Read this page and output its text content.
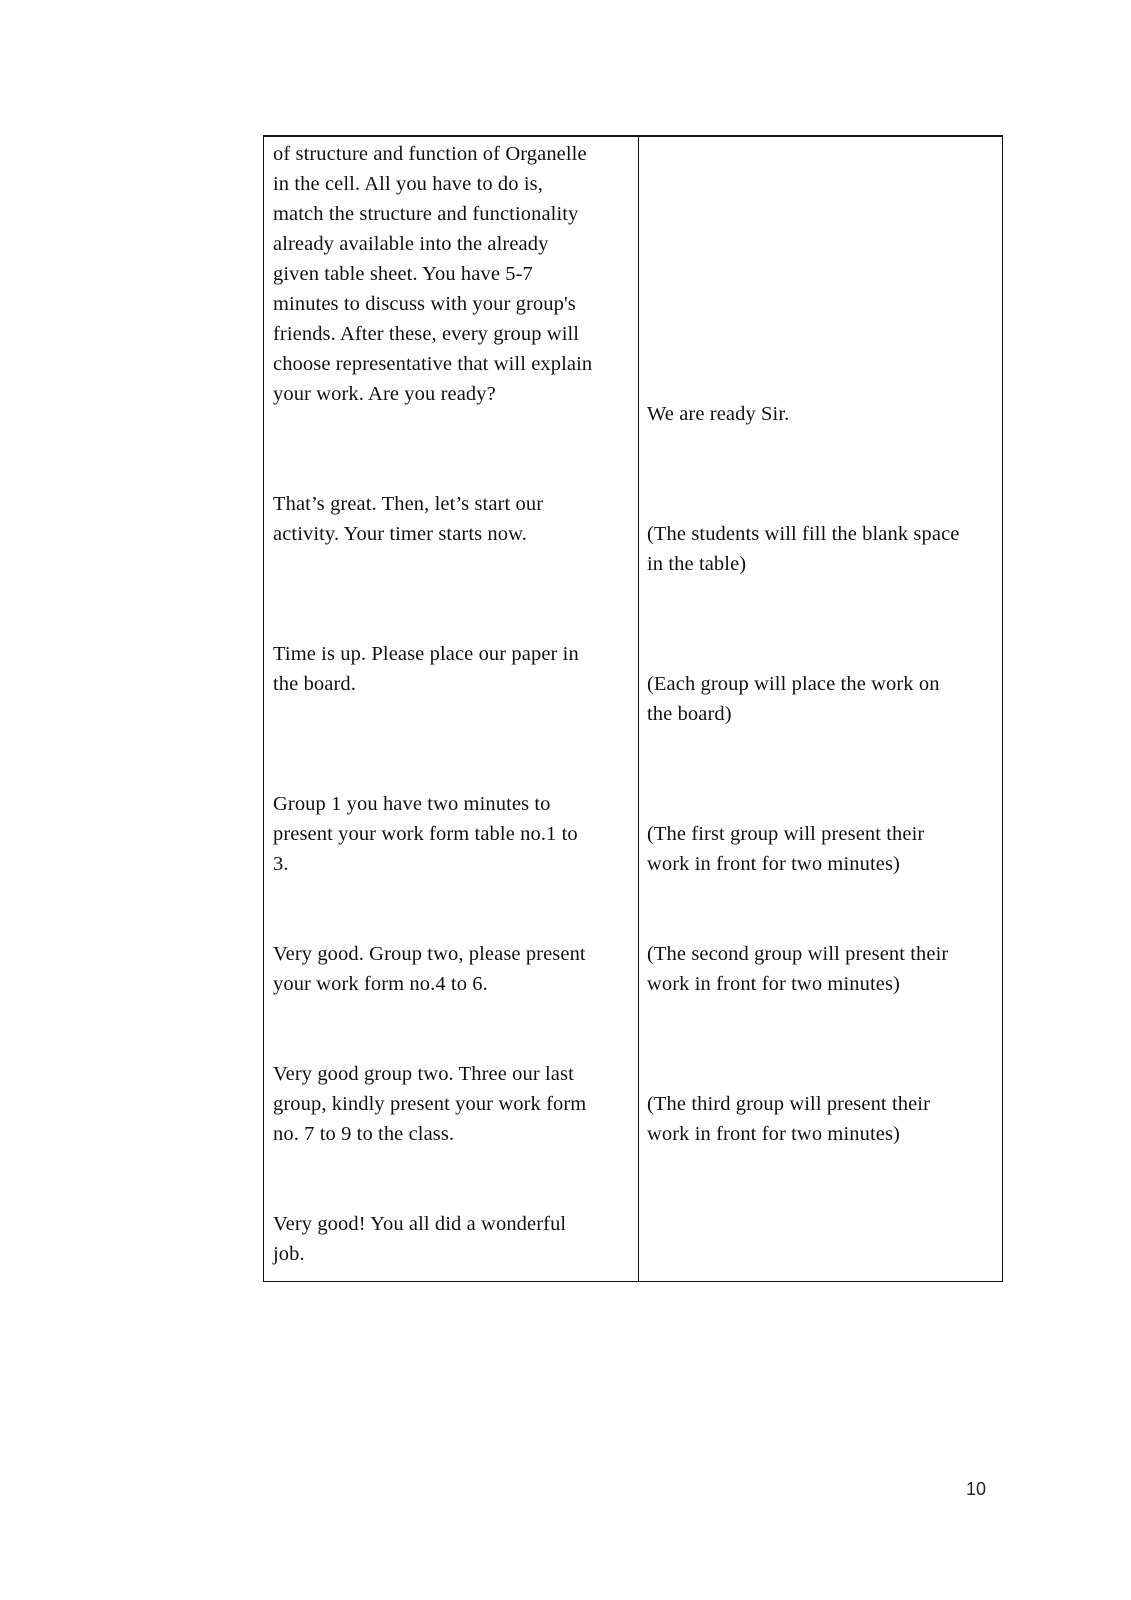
of structure and function of Organelle
in the cell. All you have to do is,
match the structure and functionality
already available into the already
given table sheet. You have 5-7
minutes to discuss with your group's
friends. After these, every group will
choose representative that will explain
your work. Are you ready?
We are ready Sir.
That’s great. Then, let’s start our
activity. Your timer starts now.	(The students will fill the blank space
in the table)
Time is up. Please place our paper in
the board.	(Each group will place the work on
the board)
Group 1 you have two minutes to
present your work form table no.1 to
3.
(The first group will present their
work in front for two minutes)
Very good. Group two, please present
your work form no.4 to 6.
(The second group will present their
work in front for two minutes)
Very good group two. Three our last
group, kindly present your work form
no. 7 to 9 to the class.
(The third group will present their
work in front for two minutes)
Very good! You all did a wonderful
job.
10
